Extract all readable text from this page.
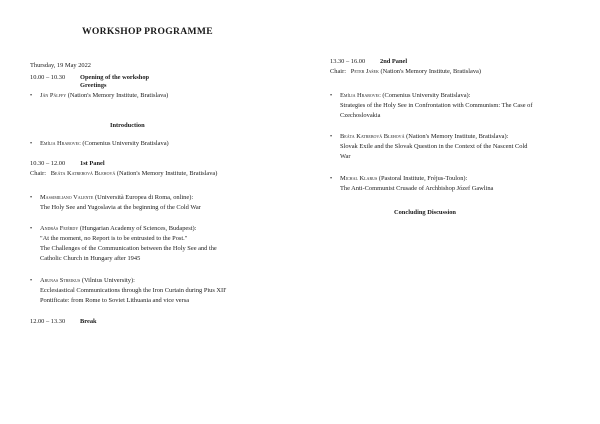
WORKSHOP PROGRAMME
Thursday, 19 May 2022
10.00 – 10.30 Opening of the workshop
Greetings
• Ján Pálffy (Nation's Memory Institute, Bratislava)
Introduction
• Emília Hrabovec (Comenius University Bratislava)
10.30 – 12.00 1st Panel
Chair: Beáta Katrebová Blehová (Nation's Memory Institute, Bratislava)
• Massimiliano Valente (Università Europea di Roma, online):
The Holy See and Yugoslavia at the beginning of the Cold War
• András Fejérdy (Hungarian Academy of Sciences, Budapest):
"At the moment, no Report is to be entrusted to the Post."
The Challenges of the Communication between the Holy See and the
Catholic Church in Hungary after 1945
• Arunas Streikus (Vilnius University):
Ecclesiastical Communications through the Iron Curtain during Pius XII'
Pontificate: from Rome to Soviet Lithuania and vice versa
12.00 – 13.30 Break
13.30 – 16.00 2nd Panel
Chair: Peter Jašek (Nation's Memory Institute, Bratislava)
• Emília Hrabovec (Comenius University Bratislava):
Strategies of the Holy See in Confrontation with Communism: The Case of
Czechoslovakia
• Beáta Katrebová Blehová (Nation's Memory Institute, Bratislava):
Slovak Exile and the Slovak Question in the Context of the Nascent Cold
War
• Michal Klarus (Pastoral Institute, Fréjus-Toulon):
The Anti-Communist Crusade of Archbishop Józef Gawlina
Concluding Discussion
